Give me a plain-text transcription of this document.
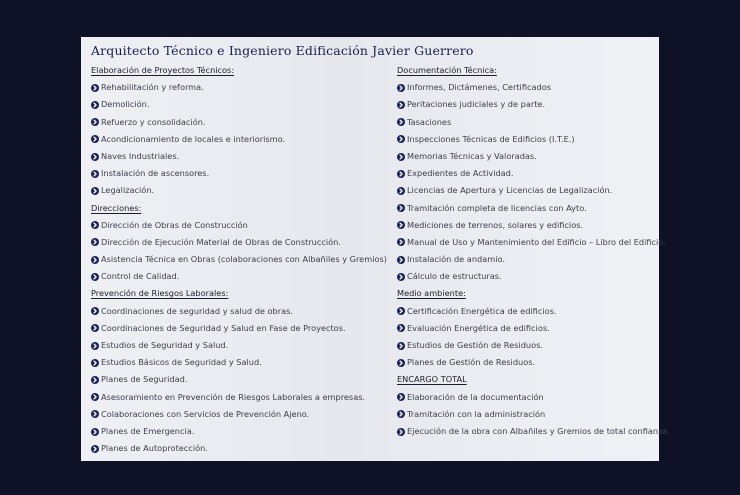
Arquitecto Técnico e Ingeniero Edificación Javier Guerrero
Elaboración de Proyectos Técnicos:
Rehabilitación y reforma.
Demolición.
Refuerzo y consolidación.
Acondicionamiento de locales e interiorismo.
Naves Industriales.
Instalación de ascensores.
Legalización.
Direcciones:
Dirección de Obras de Construcción
Dirección de Ejecución Material de Obras de Construcción.
Asistencia Técnica en Obras (colaboraciones con Albañiles y Gremios)
Control de Calidad.
Prevención de Riesgos Laborales:
Coordinaciones de seguridad y salud de obras.
Coordinaciones de Seguridad y Salud en Fase de Proyectos.
Estudios de Seguridad y Salud.
Estudios Básicos de Seguridad y Salud.
Planes de Seguridad.
Asesoramiento en Prevención de Riesgos Laborales a empresas.
Colaboraciones con Servicios de Prevención Ajeno.
Planes de Emergencia.
Planes de Autoprotección.
Documentación Técnica:
Informes, Dictámenes, Certificados
Peritaciones judiciales y de parte.
Tasaciones
Inspecciones Técnicas de Edificios (I.T.E.)
Memorias Técnicas y Valoradas.
Expedientes de Actividad.
Licencias de Apertura y Licencias de Legalización.
Tramitación completa de licencias con Ayto.
Mediciones de terrenos, solares y edificios.
Manual de Uso y Mantenimiento del Edificio – Libro del Edificio.
Instalación de andamio.
Cálculo de estructuras.
Medio ambiente:
Certificación Energética de edificios.
Evaluación Energética de edificios.
Estudios de Gestión de Residuos.
Planes de Gestión de Residuos.
ENCARGO TOTAL
Elaboración de la documentación
Tramitación con la administración
Ejecución de la obra con Albañiles y Gremios de total confianza
